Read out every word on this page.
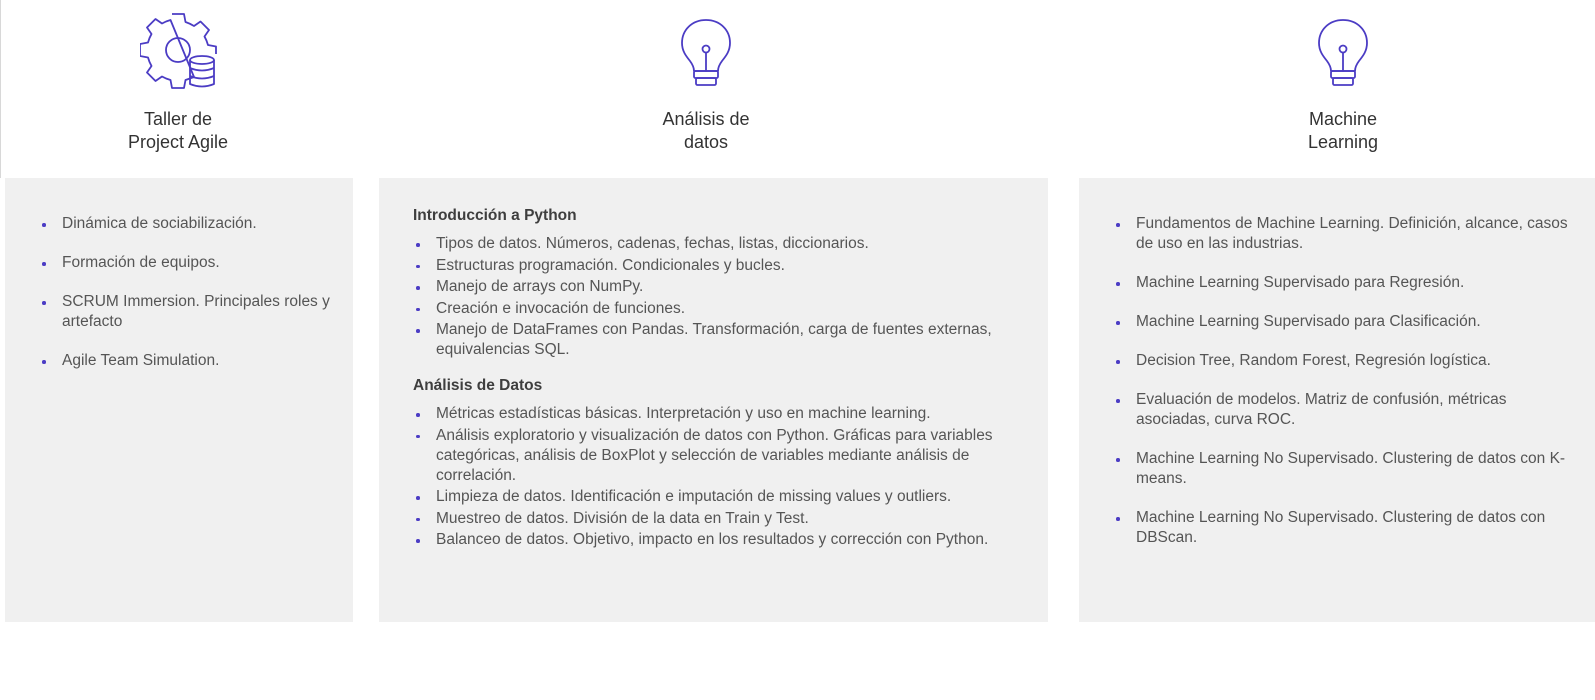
Taller de
Project Agile
Análisis de
datos
Machine
Learning
Dinámica de sociabilización.
Formación de equipos.
SCRUM Immersion. Principales roles y artefacto
Agile Team Simulation.
Introducción a Python
Tipos de datos. Números, cadenas, fechas, listas, diccionarios.
Estructuras programación. Condicionales y bucles.
Manejo de arrays con NumPy.
Creación e invocación de funciones.
Manejo de DataFrames con Pandas. Transformación, carga de fuentes externas, equivalencias SQL.
Análisis de Datos
Métricas estadísticas básicas. Interpretación y uso en machine learning.
Análisis exploratorio y visualización de datos con Python. Gráficas para variables categóricas, análisis de BoxPlot y selección de variables mediante análisis de correlación.
Limpieza de datos. Identificación e imputación de missing values y outliers.
Muestreo de datos. División de la data en Train y Test.
Balanceo de datos. Objetivo, impacto en los resultados y corrección con Python.
Fundamentos de Machine Learning. Definición, alcance, casos de uso en las industrias.
Machine Learning Supervisado para Regresión.
Machine Learning Supervisado para Clasificación.
Decision Tree, Random Forest, Regresión logística.
Evaluación de modelos. Matriz de confusión, métricas asociadas, curva ROC.
Machine Learning No Supervisado. Clustering de datos con K-means.
Machine Learning No Supervisado. Clustering de datos con DBScan.
